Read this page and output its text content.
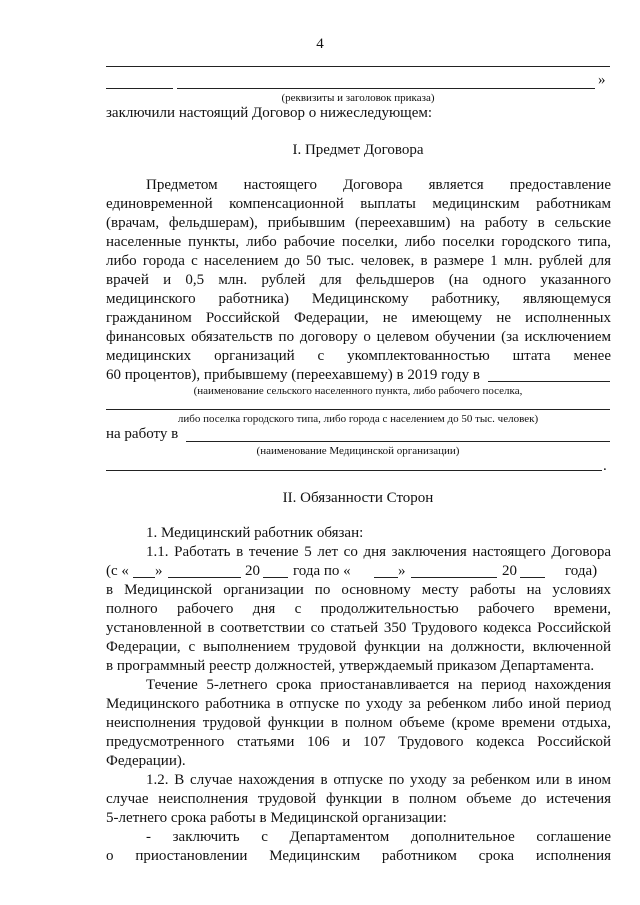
4
»
(реквизиты и заголовок приказа)
заключили настоящий Договор о нижеследующем:
I. Предмет Договора
Предметом настоящего Договора является предоставление
единовременной компенсационной выплаты медицинским работникам
(врачам, фельдшерам), прибывшим (переехавшим) на работу в сельские
населенные пункты, либо рабочие поселки, либо поселки городского типа,
либо города с населением до 50 тыс. человек, в размере 1 млн. рублей для
врачей и 0,5 млн. рублей для фельдшеров (на одного указанного
медицинского работника) Медицинскому работнику, являющемуся
гражданином Российской Федерации, не имеющему не исполненных
финансовых обязательств по договору о целевом обучении (за исключением
медицинских организаций с укомплектованностью штата менее
60 процентов), прибывшему (переехавшему) в 2019 году в
(наименование сельского населенного пункта, либо рабочего поселка,
либо поселка городского типа, либо города с населением до 50 тыс. человек)
на работу в
(наименование Медицинской организации)
.
II. Обязанности Сторон
1. Медицинский работник обязан:
1.1. Работать в течение 5 лет со дня заключения настоящего Договора
(с « »	20 года по «	»	20	года)
в Медицинской организации по основному месту работы на условиях
полного рабочего дня с продолжительностью рабочего времени,
установленной в соответствии со статьей 350 Трудового кодекса Российской
Федерации, с выполнением трудовой функции на должности, включенной
в программный реестр должностей, утверждаемый приказом Департамента.
Течение 5-летнего срока приостанавливается на период нахождения
Медицинского работника в отпуске по уходу за ребенком либо иной период
неисполнения трудовой функции в полном объеме (кроме времени отдыха,
предусмотренного статьями 106 и 107 Трудового кодекса Российской
Федерации).
1.2. В случае нахождения в отпуске по уходу за ребенком или в ином
случае неисполнения трудовой функции в полном объеме до истечения
5-летнего срока работы в Медицинской организации:
- заключить с Департаментом дополнительное соглашение
о приостановлении Медицинским работником срока исполнения
